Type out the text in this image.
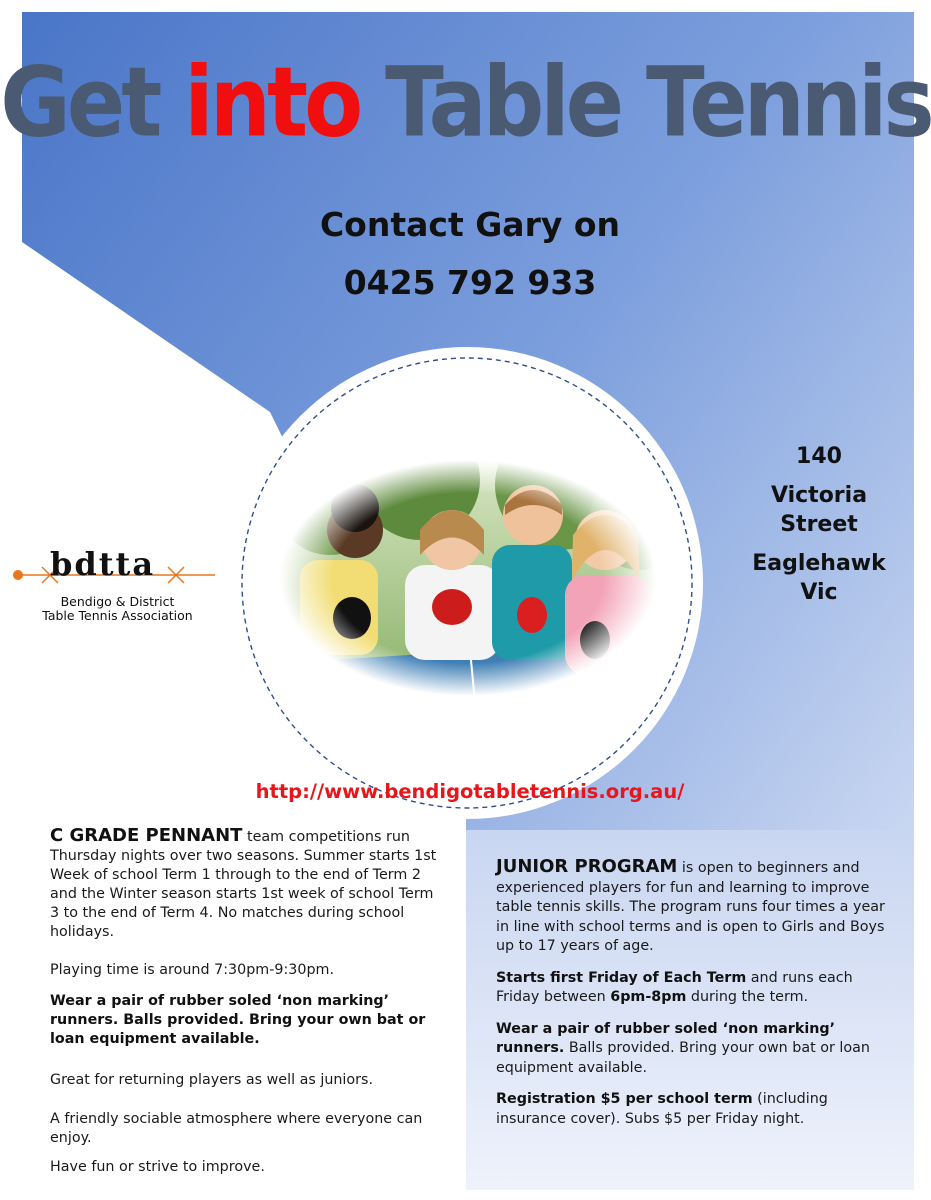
Get into Table Tennis
Contact Gary on
0425 792 933
140
Victoria
Street
Eaglehawk
Vic
bdtta
Bendigo & District
Table Tennis Association
http://www.bendigotabletennis.org.au/

C GRADE PENNANT team competitions run Thursday nights over two seasons. Summer starts 1st Week of school Term 1 through to the end of Term 2 and the Winter season starts 1st week of school Term 3 to the end of Term 4. No matches during school holidays.

Playing time is around 7:30pm-9:30pm.

Wear a pair of rubber soled ‘non marking’ runners. Balls provided. Bring your own bat or loan equipment available.

Great for returning players as well as juniors.

A friendly sociable atmosphere where everyone can enjoy.

Have fun or strive to improve.

JUNIOR PROGRAM is open to beginners and experienced players for fun and learning to improve table tennis skills. The program runs four times a year in line with school terms and is open to Girls and Boys up to 17 years of age.

Starts first Friday of Each Term and runs each Friday between 6pm-8pm during the term.

Wear a pair of rubber soled ‘non marking’ runners. Balls provided. Bring your own bat or loan equipment available.

Registration $5 per school term (including insurance cover). Subs $5 per Friday night.
